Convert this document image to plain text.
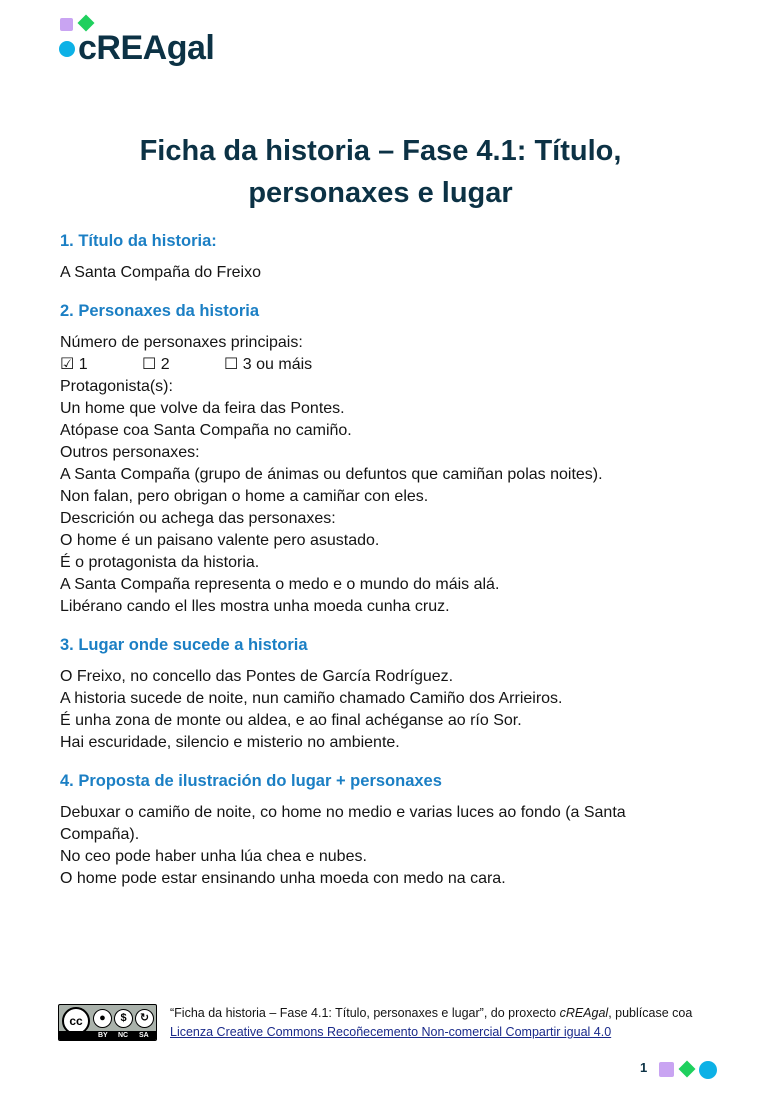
cREAgal
Ficha da historia – Fase 4.1: Título,
personaxes e lugar
1. Título da historia:

A Santa Compaña do Freixo

2. Personaxes da historia

Número de personaxes principais:

☑ 1	☐ 2	☐ 3 ou máis

Protagonista(s):

Un home que volve da feira das Pontes.

Atópase coa Santa Compaña no camiño.

Outros personaxes:

A Santa Compaña (grupo de ánimas ou defuntos que camiñan polas noites).

Non falan, pero obrigan o home a camiñar con eles.

Descrición ou achega das personaxes:

O home é un paisano valente pero asustado.

É o protagonista da historia.

A Santa Compaña representa o medo e o mundo do máis alá.

Libérano cando el lles mostra unha moeda cunha cruz.

3. Lugar onde sucede a historia

O Freixo, no concello das Pontes de García Rodríguez.

A historia sucede de noite, nun camiño chamado Camiño dos Arrieiros.

É unha zona de monte ou aldea, e ao final achéganse ao río Sor.

Hai escuridade, silencio e misterio no ambiente.

4. Proposta de ilustración do lugar + personaxes

Debuxar o camiño de noite, co home no medio e varias luces ao fondo (a Santa Compaña).

No ceo pode haber unha lúa chea e nubes.

O home pode estar ensinando unha moeda con medo na cara.

cc	●	$	↻
BY NC SA
“Ficha da historia – Fase 4.1: Título, personaxes e lugar”, do proxecto cREAgal, publícase coa Licenza Creative Commons Recoñecemento Non-comercial Compartir igual 4.0
1
